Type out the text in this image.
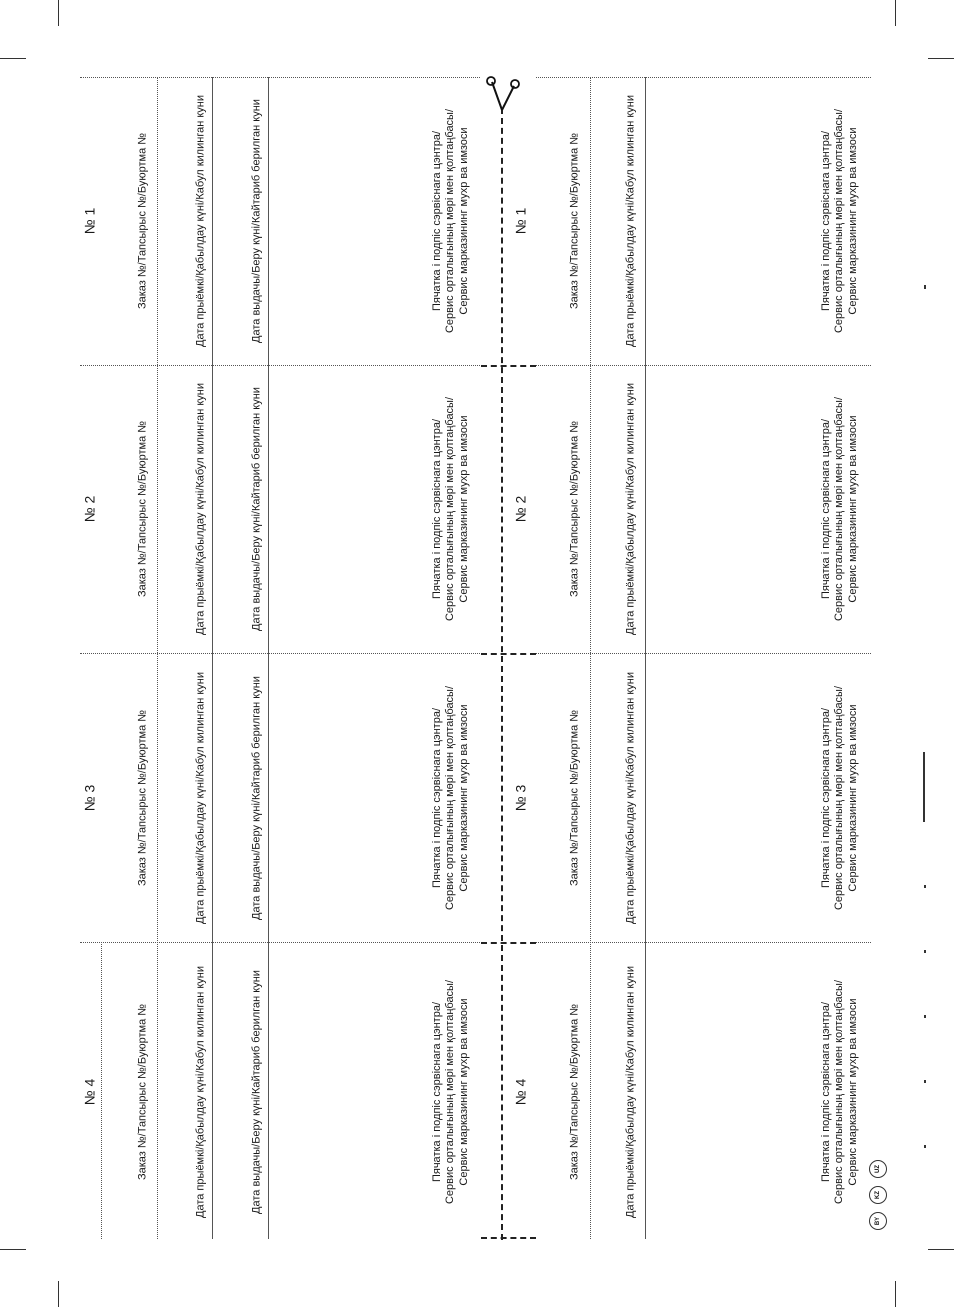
№ 1	Заказ №/Тапсырыс №/Буюртма №	Дата прыёмкі/Қабылдау күні/Кабул килинган куни	Дата выдачы/Беру күні/Кайтариб берилган куни	Пячатка і подпіс сэрвіснага цэнтра/ Сервис орталығының мөрі мен қолтаңбасы/ Сервис марказининг мухр ва имзоси
№ 2	Заказ №/Тапсырыс №/Буюртма №	Дата прыёмкі/Қабылдау күні/Кабул килинган куни	Дата выдачы/Беру күні/Кайтариб берилган куни	Пячатка і подпіс сэрвіснага цэнтра/ Сервис орталығының мөрі мен қолтаңбасы/ Сервис марказининг мухр ва имзоси
№ 3	Заказ №/Тапсырыс №/Буюртма №	Дата прыёмкі/Қабылдау күні/Кабул килинган куни	Дата выдачы/Беру күні/Кайтариб берилган куни	Пячатка і подпіс сэрвіснага цэнтра/ Сервис орталығының мөрі мен қолтаңбасы/ Сервис марказининг мухр ва имзоси
№ 4	Заказ №/Тапсырыс №/Буюртма №	Дата прыёмкі/Қабылдау күні/Кабул килинган куни	Дата выдачы/Беру күні/Кайтариб берилган куни	Пячатка і подпіс сэрвіснага цэнтра/ Сервис орталығының мөрі мен қолтаңбасы/ Сервис марказининг мухр ва имзоси
№ 1	Заказ №/Тапсырыс №/Буюртма №	Дата прыёмкі/Қабылдау күні/Кабул килинган куни	Пячатка і подпіс сэрвіснага цэнтра/ Сервис орталығының мөрі мен қолтаңбасы/ Сервис марказининг мухр ва имзоси
№ 2	Заказ №/Тапсырыс №/Буюртма №	Дата прыёмкі/Қабылдау күні/Кабул килинган куни	Пячатка і подпіс сэрвіснага цэнтра/ Сервис орталығының мөрі мен қолтаңбасы/ Сервис марказининг мухр ва имзоси
№ 3	Заказ №/Тапсырыс №/Буюртма №	Дата прыёмкі/Қабылдау күні/Кабул килинган куни	Пячатка і подпіс сэрвіснага цэнтра/ Сервис орталығының мөрі мен қолтаңбасы/ Сервис марказининг мухр ва имзоси
№ 4	Заказ №/Тапсырыс №/Буюртма №	Дата прыёмкі/Қабылдау күні/Кабул килинган куни	Пячатка і подпіс сэрвіснага цэнтра/ Сервис орталығының мөрі мен қолтаңбасы/ Сервис марказининг мухр ва имзоси
BY
KZ
UZ
